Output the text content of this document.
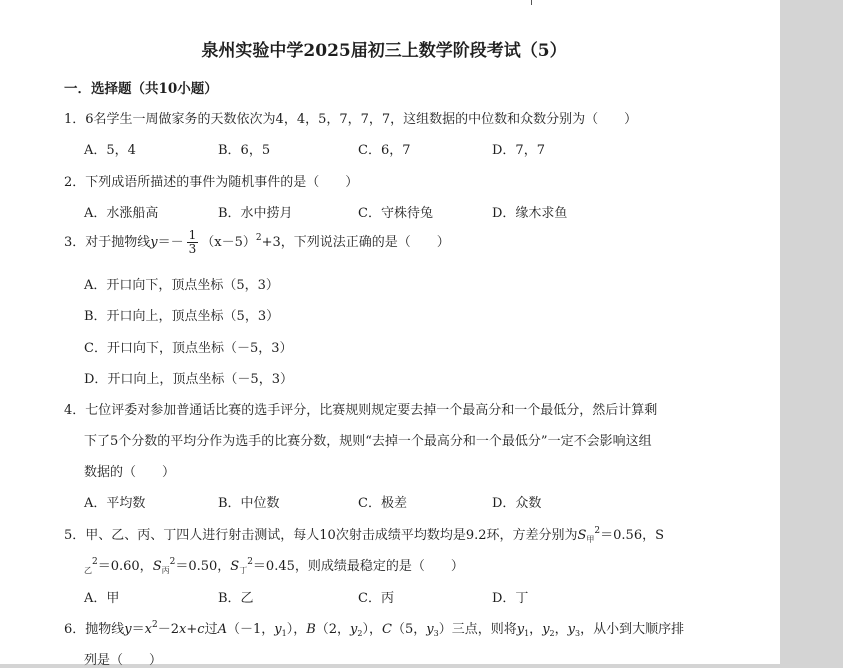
泉州实验中学2025届初三上数学阶段考试（5）
一．选择题（共10小题）
1．6名学生一周做家务的天数依次为4，4，5，7，7，7，这组数据的中位数和众数分别为（　　）
A．5，4	B．6，5	C．6，7	D．7，7
2．下列成语所描述的事件为随机事件的是（　　）
A．水涨船高	B．水中捞月	C．守株待兔	D．缘木求鱼
3．对于抛物线$y=- \frac{1}{3} (x-5)^2+3$，下列说法正确的是（　　）
A．开口向下，顶点坐标（5，3）
B．开口向上，顶点坐标（5，3）
C．开口向下，顶点坐标（－5，3）
D．开口向上，顶点坐标（－5，3）
4．七位评委对参加普通话比赛的选手评分，比赛规则规定要去掉一个最高分和一个最低分，然后计算剩
下了5个分数的平均分作为选手的比赛分数，规则“去掉一个最高分和一个最低分”一定不会影响这组
数据的（　　）
A．平均数	B．中位数	C．极差	D．众数
5．甲、乙、丙、丁四人进行射击测试，每人10次射击成绩平均数均是9.2环，方差分别为$S_甲^2=0.56$，S
$_乙^2$＝0.60，$S_丙^2=0.50$，$S_丁^2=0.45$，则成绩最稳定的是（　　）
A．甲	B．乙	C．丙	D．丁
6．抛物线$y=x^2-2x+c$过A（－1，$y_1$），B（2，$y_2$），C（5，$y_3$）三点，则将$y_1$，$y_2$，$y_3$，从小到大顺序排
列是（　　）
